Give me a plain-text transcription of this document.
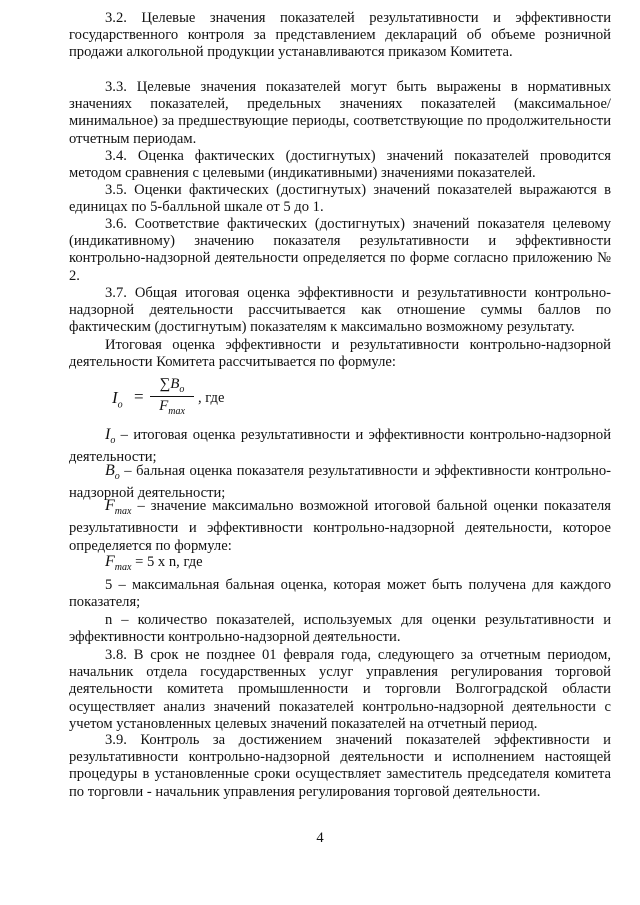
3.2. Целевые значения показателей результативности и эффективности государственного контроля за представлением деклараций об объеме розничной продажи алкогольной продукции устанавливаются приказом Комитета.

3.3. Целевые значения показателей могут быть выражены в нормативных значениях показателей, предельных значениях показателей (максимальное/минимальное) за предшествующие периоды, соответствующие по продолжительности отчетным периодам.

3.4. Оценка фактических (достигнутых) значений показателей проводится методом сравнения с целевыми (индикативными) значениями показателей.

3.5. Оценки фактических (достигнутых) значений показателей выражаются в единицах по 5-балльной шкале от 5 до 1.

3.6. Соответствие фактических (достигнутых) значений показателя целевому (индикативному) значению показателя результативности и эффективности контрольно-надзорной деятельности определяется по форме согласно приложению № 2.

3.7. Общая итоговая оценка эффективности и результативности контрольно-надзорной деятельности рассчитывается как отношение суммы баллов по фактическим (достигнутым) показателям к максимально возможному результату.

Итоговая оценка эффективности и результативности контрольно-надзорной деятельности Комитета рассчитывается по формуле:

$I_o$ =
$\sum B_o$
$F_{max}$
, где

$I_o$ – итоговая оценка результативности и эффективности контрольно-надзорной деятельности;

$B_o$ – бальная оценка показателя результативности и эффективности контрольно-надзорной деятельности;

$F_{max}$ – значение максимально возможной итоговой бальной оценки показателя результативности и эффективности контрольно-надзорной деятельности, которое определяется по формуле:

$F_{max} = 5$ x n, где

5 – максимальная бальная оценка, которая может быть получена для каждого показателя;

n – количество показателей, используемых для оценки результативности и эффективности контрольно-надзорной деятельности.

3.8. В срок не позднее 01 февраля года, следующего за отчетным периодом, начальник отдела государственных услуг управления регулирования торговой деятельности комитета промышленности и торговли Волгоградской области осуществляет анализ значений показателей контрольно-надзорной деятельности с учетом установленных целевых значений показателей на отчетный период.

3.9. Контроль за достижением значений показателей эффективности и результативности контрольно-надзорной деятельности и исполнением настоящей процедуры в установленные сроки осуществляет заместитель председателя комитета по торговли - начальник управления регулирования торговой деятельности.

4
